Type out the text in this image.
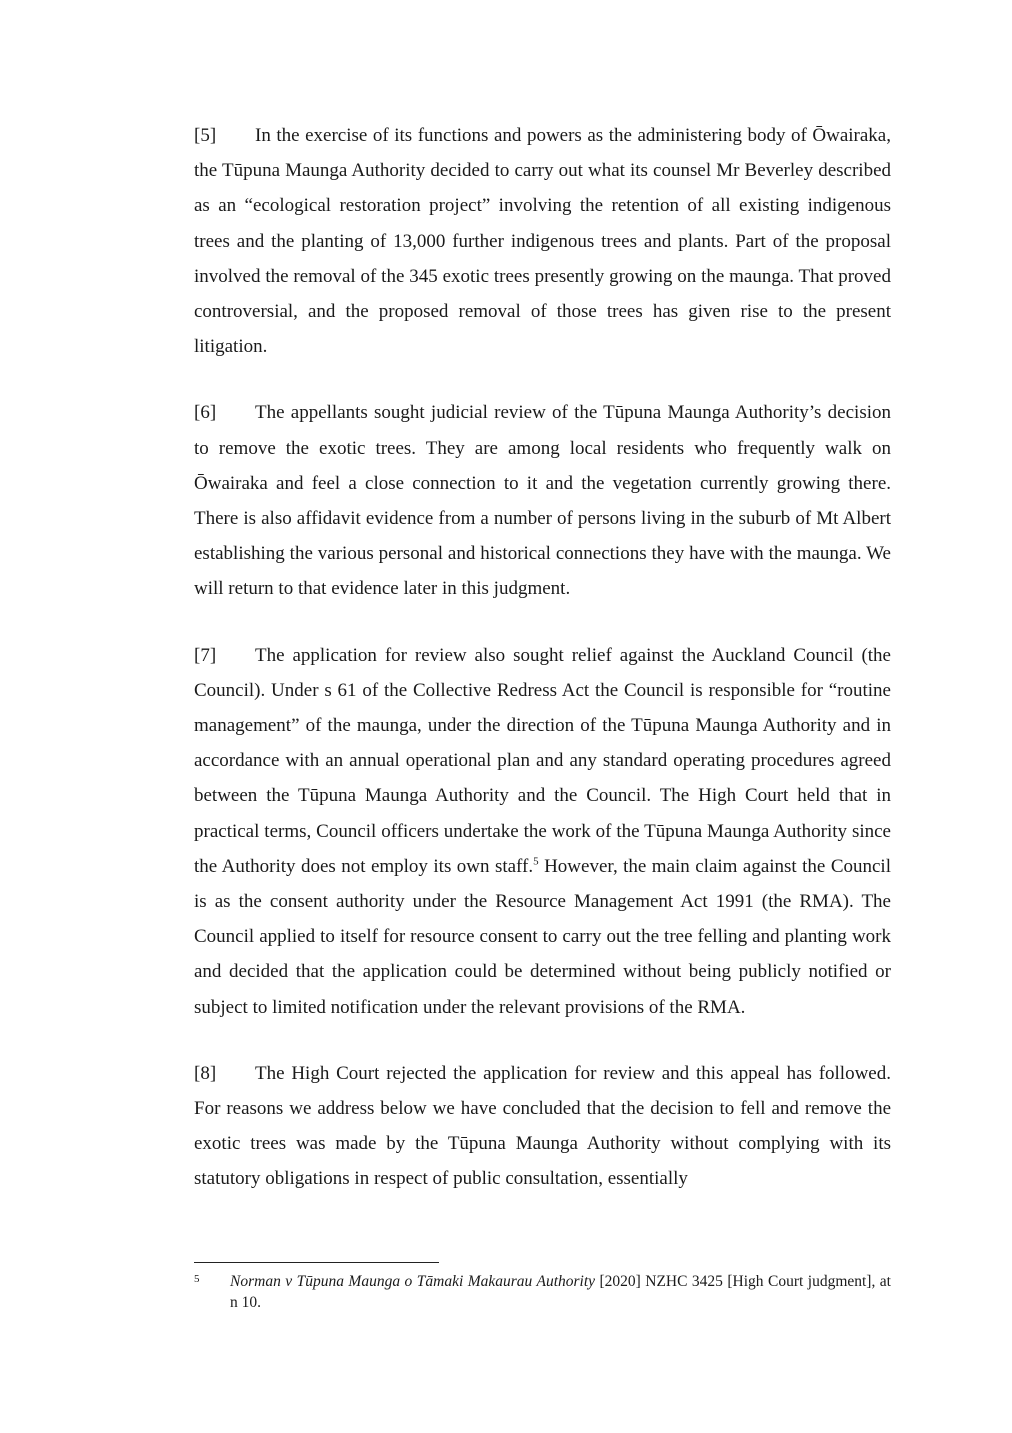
[5] In the exercise of its functions and powers as the administering body of Ōwairaka, the Tūpuna Maunga Authority decided to carry out what its counsel Mr Beverley described as an “ecological restoration project” involving the retention of all existing indigenous trees and the planting of 13,000 further indigenous trees and plants. Part of the proposal involved the removal of the 345 exotic trees presently growing on the maunga. That proved controversial, and the proposed removal of those trees has given rise to the present litigation.

[6] The appellants sought judicial review of the Tūpuna Maunga Authority’s decision to remove the exotic trees. They are among local residents who frequently walk on Ōwairaka and feel a close connection to it and the vegetation currently growing there. There is also affidavit evidence from a number of persons living in the suburb of Mt Albert establishing the various personal and historical connections they have with the maunga. We will return to that evidence later in this judgment.

[7] The application for review also sought relief against the Auckland Council (the Council). Under s 61 of the Collective Redress Act the Council is responsible for “routine management” of the maunga, under the direction of the Tūpuna Maunga Authority and in accordance with an annual operational plan and any standard operating procedures agreed between the Tūpuna Maunga Authority and the Council. The High Court held that in practical terms, Council officers undertake the work of the Tūpuna Maunga Authority since the Authority does not employ its own staff.$^5$ However, the main claim against the Council is as the consent authority under the Resource Management Act 1991 (the RMA). The Council applied to itself for resource consent to carry out the tree felling and planting work and decided that the application could be determined without being publicly notified or subject to limited notification under the relevant provisions of the RMA.

[8] The High Court rejected the application for review and this appeal has followed. For reasons we address below we have concluded that the decision to fell and remove the exotic trees was made by the Tūpuna Maunga Authority without complying with its statutory obligations in respect of public consultation, essentially

5	Norman v Tūpuna Maunga o Tāmaki Makaurau Authority [2020] NZHC 3425 [High Court judgment], at n 10.
